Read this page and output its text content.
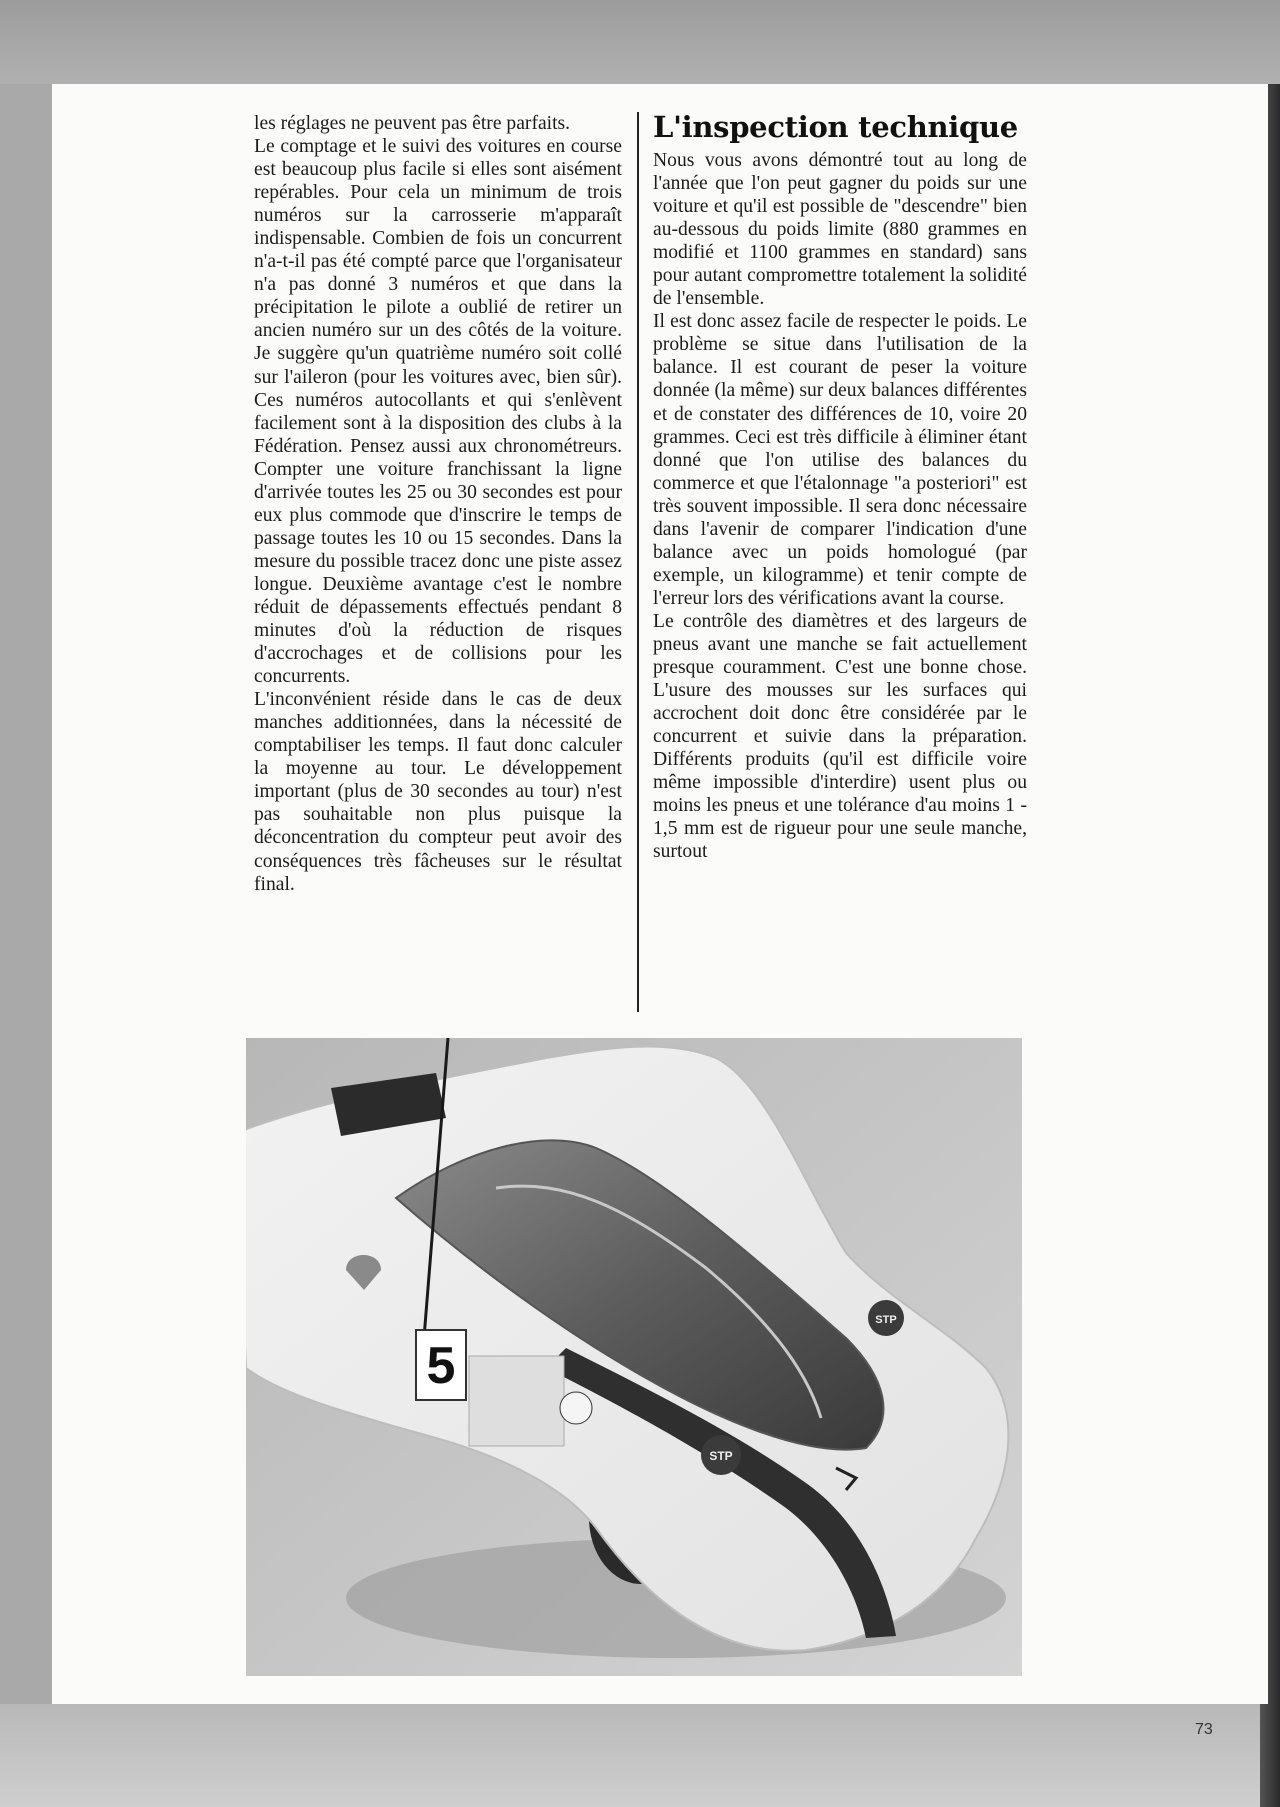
les réglages ne peuvent pas être parfaits.

Le comptage et le suivi des voitures en course est beaucoup plus facile si elles sont aisément repérables. Pour cela un minimum de trois numéros sur la carrosserie m'apparaît indispensable. Combien de fois un concurrent n'a-t-il pas été compté parce que l'organisateur n'a pas donné 3 numéros et que dans la précipitation le pilote a oublié de retirer un ancien numéro sur un des côtés de la voiture. Je suggère qu'un quatrième numéro soit collé sur l'aileron (pour les voitures avec, bien sûr). Ces numéros autocollants et qui s'enlèvent facilement sont à la disposition des clubs à la Fédération. Pensez aussi aux chronométreurs. Compter une voiture franchissant la ligne d'arrivée toutes les 25 ou 30 secondes est pour eux plus commode que d'inscrire le temps de passage toutes les 10 ou 15 secondes. Dans la mesure du possible tracez donc une piste assez longue. Deuxième avantage c'est le nombre réduit de dépassements effectués pendant 8 minutes d'où la réduction de risques d'accrochages et de collisions pour les concurrents.

L'inconvénient réside dans le cas de deux manches additionnées, dans la nécessité de comptabiliser les temps. Il faut donc calculer la moyenne au tour. Le développement important (plus de 30 secondes au tour) n'est pas souhaitable non plus puisque la déconcentration du compteur peut avoir des conséquences très fâcheuses sur le résultat final.

L'inspection technique

Nous vous avons démontré tout au long de l'année que l'on peut gagner du poids sur une voiture et qu'il est possible de "descendre" bien au-dessous du poids limite (880 grammes en modifié et 1100 grammes en standard) sans pour autant compromettre totalement la solidité de l'ensemble.

Il est donc assez facile de respecter le poids. Le problème se situe dans l'utilisation de la balance. Il est courant de peser la voiture donnée (la même) sur deux balances différentes et de constater des différences de 10, voire 20 grammes. Ceci est très difficile à éliminer étant donné que l'on utilise des balances du commerce et que l'étalonnage "a posteriori" est très souvent impossible. Il sera donc nécessaire dans l'avenir de comparer l'indication d'une balance avec un poids homologué (par exemple, un kilogramme) et tenir compte de l'erreur lors des vérifications avant la course.

Le contrôle des diamètres et des largeurs de pneus avant une manche se fait actuellement presque couramment. C'est une bonne chose. L'usure des mousses sur les surfaces qui accrochent doit donc être considérée par le concurrent et suivie dans la préparation. Différents produits (qu'il est difficile voire même impossible d'interdire) usent plus ou moins les pneus et une tolérance d'au moins 1 - 1,5 mm est de rigueur pour une seule manche, surtout

5
STP
STP
73
